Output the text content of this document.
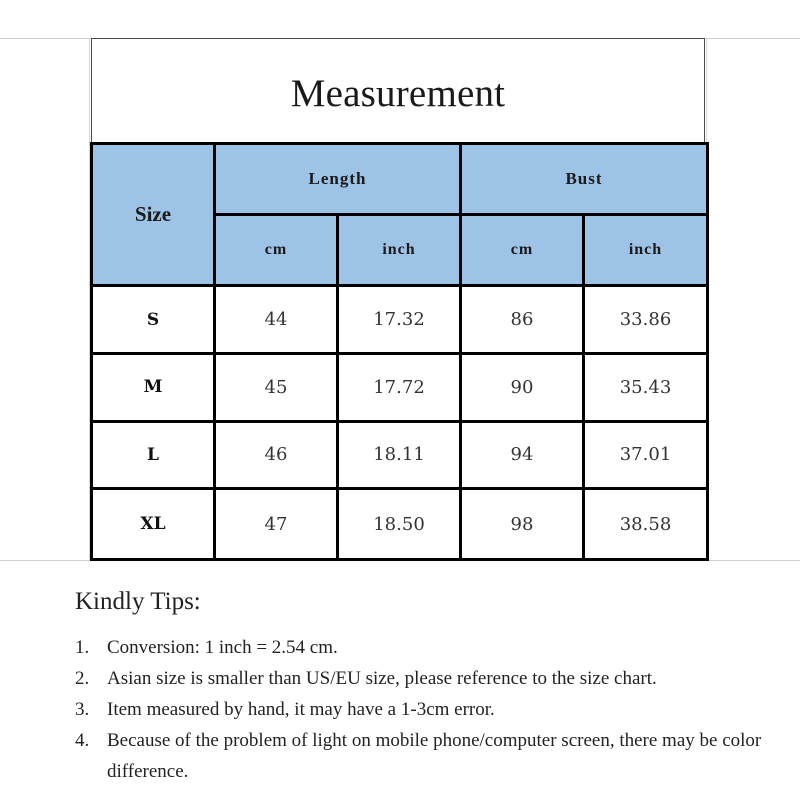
Measurement
Size	Length		Bust	
	cm	inch	cm	inch
S	44	17.32	86	33.86
M	45	17.72	90	35.43
L	46	18.11	94	37.01
XL	47	18.50	98	38.58
Kindly Tips:
1. Conversion: 1 inch = 2.54 cm.
2. Asian size is smaller than US/EU size, please reference to the size chart.
3. Item measured by hand, it may have a 1-3cm error.
4. Because of the problem of light on mobile phone/computer screen, there may be color difference.
